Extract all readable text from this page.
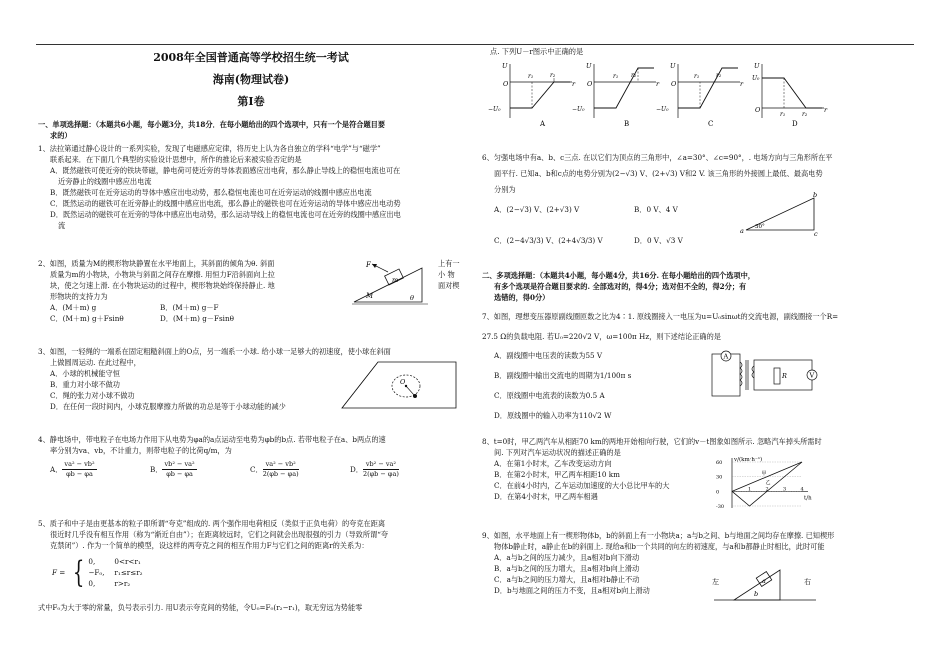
2008年全国普通高等学校招生统一考试
海南(物理试卷)
第Ⅰ卷
一、单项选择题：（本题共6小题，每小题3分，共18分．在每小题给出的四个选项中，只有一个是符合题目要
求的）

1、法拉第通过静心设计的一系列实验，发现了电磁感应定律，将历史上认为各自独立的学科“电学”与“磁学”

联系起来．在下面几个典型的实验设计思想中，所作的推论后来被实验否定的是

A．既然磁铁可使近旁的铁块带磁，静电荷可使近旁的导体表面感应出电荷，那么静止导线上的稳恒电流也可在

近旁静止的线圈中感应出电流

B．既然磁铁可在近旁运动的导体中感应出电动势，那么稳恒电流也可在近旁运动的线圈中感应出电流

C．既然运动的磁铁可在近旁静止的线圈中感应出电流，那么静止的磁铁也可在近旁运动的导体中感应出电动势

D．既然运动的磁铁可在近旁的导体中感应出电动势，那么运动导线上的稳恒电流也可在近旁的线圈中感应出电

流

2、如图，质量为M的楔形物块静置在水平地面上，其斜面的倾角为θ. 斜面

质量为m的小物块，小物块与斜面之间存在摩擦. 用恒力F沿斜面向上拉

块，使之匀速上滑. 在小物块运动的过程中，楔形物块始终保持静止. 地

形物块的支持力为

A．(M＋m) g	B．(M＋m) g－F
C．(M＋m) g＋Fsinθ	D．(M＋m) g－Fsinθ
上有一
小 物
面对楔
F
m
M	θ

3、如图，一轻绳的一端系在固定粗糙斜面上的O点，另一端系一小球. 给小球一足够大的初速度，使小球在斜面

上做圆周运动. 在此过程中，

A．小球的机械能守恒

B．重力对小球不做功

C．绳的张力对小球不做功

D．在任何一段时间内，小球克服摩擦力所做的功总是等于小球动能的减少

O

4、静电场中，带电粒子在电场力作用下从电势为φa的a点运动至电势为φb的b点. 若带电粒子在a、b两点的速

率分别为va、vb，不计重力，则带电粒子的比荷q/m，为

A．
va² − vb²
φb − φa	B．
vb² − va²
φb − φa	C．
va² − vb²
2(φb − φa)	D．
vb² − va²
2(φb − φa)

5、质子和中子是由更基本的粒子即所谓“夸克”组成的. 两个强作用电荷相反（类似于正负电荷）的夸克在距离

很近时几乎没有相互作用（称为“渐近自由”）；在距离较远时，它们之间就会出现很强的引力（导致所谓“夸

克禁闭”）. 作为一个简单的模型，设这样的两夸克之间的相互作用力F与它们之间的距离r的关系为：

F = { 0,	0<r<r₁
−F₀,	r₁≤r≤r₂
0,	r>r₂
式中F₀为大于零的常量，负号表示引力. 用U表示夸克间的势能，令U₀=F₀(r₂−r₁)，取无穷远为势能零
点. 下列U－r图示中正确的是
U
O	r
r₁	r₂
−U₀
A
U
O	r
r₁ r₂
−U₀
B
U
O	r
r₁	r₂
−U₀
C
U
O	r
r₁	r₂
U₀
D

6、匀强电场中有a、b、c三点. 在以它们为顶点的三角形中，∠a=30°、∠c=90°，. 电场方向与三角形所在平

面平行. 已知a、b和c点的电势分别为(2−√3) V、(2+√3) V和2 V. 该三角形的外接圆上最低、最高电势

分别为

A．(2−√3) V、(2+√3) V	B．0 V、4 V
C．(2−4√3/3) V、(2+4√3/3) V	D．0 V、√3 V
a
b
c
30°
二、多项选择题：（本题共4小题，每小题4分，共16分. 在每小题给出的四个选项中，
有多个选项是符合题目要求的. 全部选对的，得4分；选对但不全的，得2分；有
选错的，得0分）

7、如图，理想变压器原副线圈匝数之比为4∶1. 原线圈接入一电压为u=U₀sinωt的交流电源，副线圈接一个R=

27.5 Ω的负载电阻. 若U₀=220√2 V，ω=100π Hz，则下述结论正确的是

A．副线圈中电压表的读数为55 V

B．副线圈中输出交流电的周期为1/100π s

C．原线圈中电流表的读数为0.5 A

D．原线圈中的输入功率为110√2 W

A
R	V

8、t=0时，甲乙两汽车从相距70 km的两地开始相向行驶，它们的v－t图象如图所示. 忽略汽车掉头所需时

间. 下列对汽车运动状况的描述正确的是

A．在第1小时末，乙车改变运动方向

B．在第2小时末，甲乙两车相距10 km

C．在前4小时内，乙车运动加速度的大小总比甲车的大

D．在第4小时末，甲乙两车相遇

v/(km·h⁻¹)
t/h
60
30
0
-30
1	2	3	4
甲
乙

9、如图，水平地面上有一楔形物体b，b的斜面上有一小物块a；a与b之间、b与地面之间均存在摩擦. 已知楔形

物体b静止时，a静止在b的斜面上. 现给a和b一个共同的向左的初速度，与a和b都静止时相比，此时可能

A．a与b之间的压力减少，且a相对b向下滑动

B．a与b之间的压力增大，且a相对b向上滑动

C．a与b之间的压力增大，且a相对b静止不动

D．b与地面之间的压力不变，且a相对b向上滑动

左	右
a
b
